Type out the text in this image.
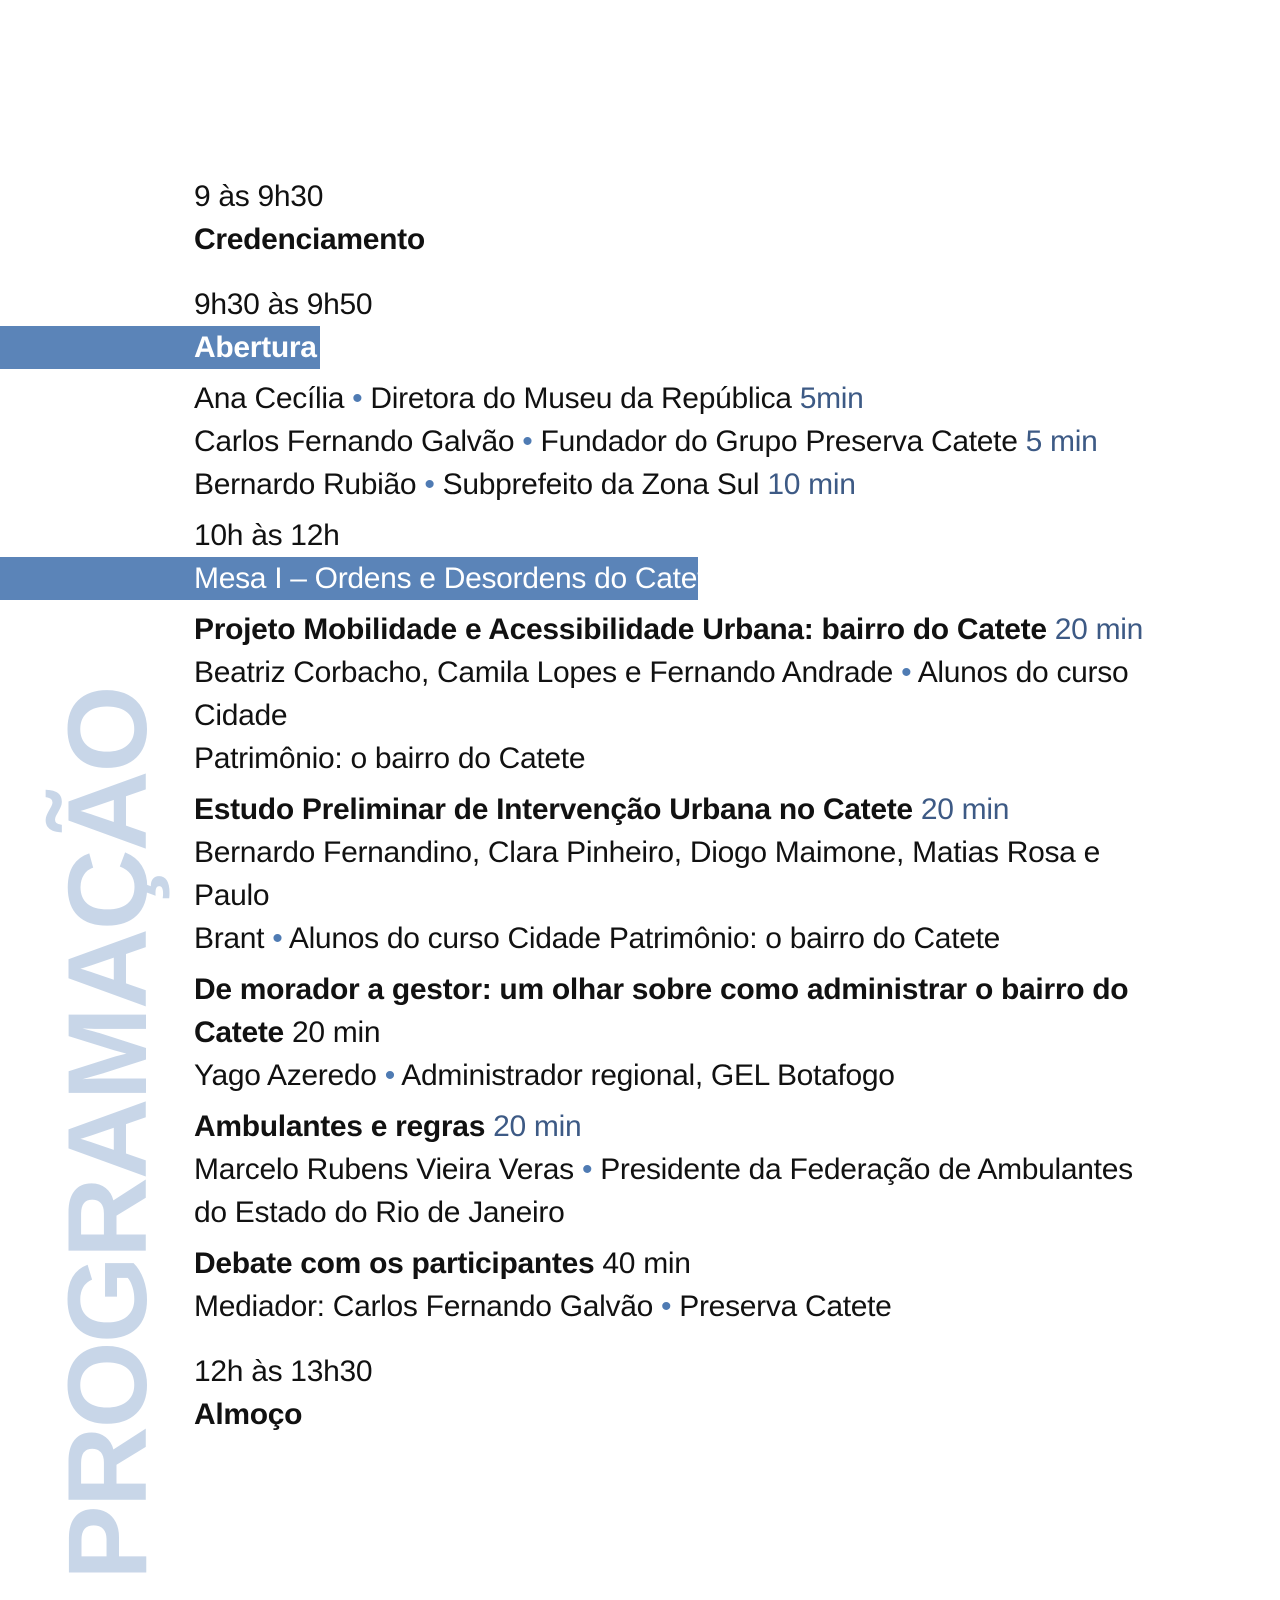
PROGRAMAÇÃO
9 às 9h30
Credenciamento
9h30 às 9h50
Abertura
Ana Cecília • Diretora do Museu da República 5min
Carlos Fernando Galvão • Fundador do Grupo Preserva Catete 5 min
Bernardo Rubião • Subprefeito da Zona Sul 10 min
10h às 12h
Mesa I – Ordens e Desordens do Catete
Projeto Mobilidade e Acessibilidade Urbana: bairro do Catete 20 min
Beatriz Corbacho, Camila Lopes e Fernando Andrade • Alunos do curso
Cidade
Patrimônio: o bairro do Catete
Estudo Preliminar de Intervenção Urbana no Catete 20 min
Bernardo Fernandino, Clara Pinheiro, Diogo Maimone, Matias Rosa e
Paulo
Brant • Alunos do curso Cidade Patrimônio: o bairro do Catete
De morador a gestor: um olhar sobre como administrar o bairro do
Catete 20 min
Yago Azeredo • Administrador regional, GEL Botafogo
Ambulantes e regras 20 min
Marcelo Rubens Vieira Veras • Presidente da Federação de Ambulantes
do Estado do Rio de Janeiro
Debate com os participantes 40 min
Mediador: Carlos Fernando Galvão • Preserva Catete
12h às 13h30
Almoço
